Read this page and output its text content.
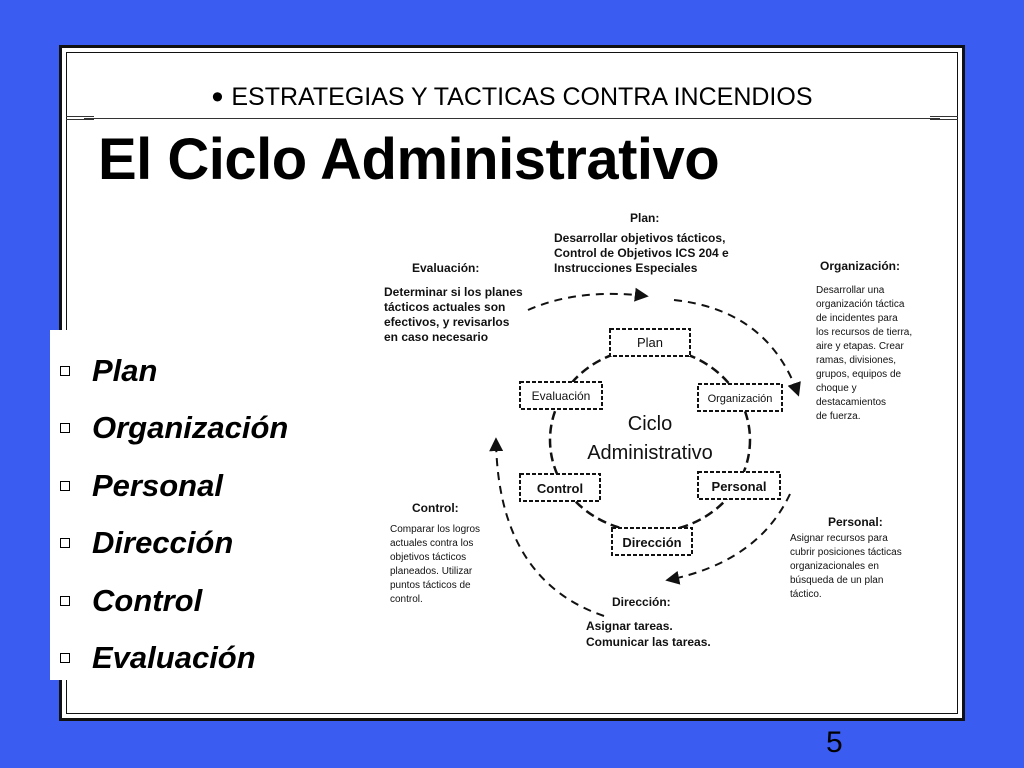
• ESTRATEGIAS Y TACTICAS CONTRA INCENDIOS
El Ciclo Administrativo
Plan
Organización
Personal
Dirección
Control
Evaluación
Plan
Organización
Personal
Dirección
Control
Evaluación
Ciclo
Administrativo
Plan:
Desarrollar objetivos tácticos,
Control de Objetivos ICS 204 e
Instrucciones Especiales
Evaluación:
Determinar si los planes
tácticos actuales son
efectivos, y revisarlos
en caso necesario
Organización:
Desarrollar una
organización táctica
de incidentes para
los recursos de tierra,
aire y etapas. Crear
ramas, divisiones,
grupos, equipos de
choque y
destacamientos
de fuerza.
Personal:
Asignar recursos para
cubrir posiciones tácticas
organizacionales en
búsqueda de un plan
táctico.
Control:
Comparar los logros
actuales contra los
objetivos tácticos
planeados. Utilizar
puntos tácticos de
control.	Dirección:
Asignar tareas.
Comunicar las tareas.
5
